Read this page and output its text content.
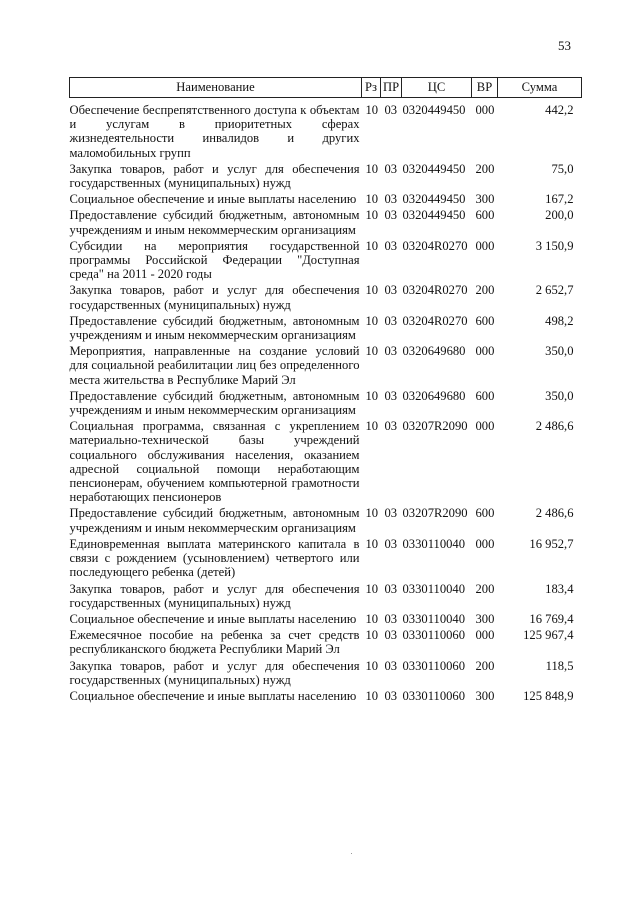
53
Наименование	Рз	ПР	ЦС	ВР	Сумма
Обеспечение беспрепятственного доступа к объектам и услугам в приоритетных сферах жизнедеятельности инвалидов и других маломобильных групп	10	03	0320449450	000	442,2
Закупка товаров, работ и услуг для обеспечения государственных (муниципальных) нужд	10	03	0320449450	200	75,0
Социальное обеспечение и иные выплаты населению	10	03	0320449450	300	167,2
Предоставление субсидий бюджетным, автономным учреждениям и иным некоммерческим организациям	10	03	0320449450	600	200,0
Субсидии на мероприятия государственной программы Российской Федерации "Доступная среда" на 2011 - 2020 годы	10	03	03204R0270	000	3 150,9
Закупка товаров, работ и услуг для обеспечения государственных (муниципальных) нужд	10	03	03204R0270	200	2 652,7
Предоставление субсидий бюджетным, автономным учреждениям и иным некоммерческим организациям	10	03	03204R0270	600	498,2
Мероприятия, направленные на создание условий для социальной реабилитации лиц без определенного места жительства в Республике Марий Эл	10	03	0320649680	000	350,0
Предоставление субсидий бюджетным, автономным учреждениям и иным некоммерческим организациям	10	03	0320649680	600	350,0
Социальная программа, связанная с укреплением материально-технической базы учреждений социального обслуживания населения, оказанием адресной социальной помощи неработающим пенсионерам, обучением компьютерной грамотности неработающих пенсионеров	10	03	03207R2090	000	2 486,6
Предоставление субсидий бюджетным, автономным учреждениям и иным некоммерческим организациям	10	03	03207R2090	600	2 486,6
Единовременная выплата материнского капитала в связи с рождением (усыновлением) четвертого или последующего ребенка (детей)	10	03	0330110040	000	16 952,7
Закупка товаров, работ и услуг для обеспечения государственных (муниципальных) нужд	10	03	0330110040	200	183,4
Социальное обеспечение и иные выплаты населению	10	03	0330110040	300	16 769,4
Ежемесячное пособие на ребенка за счет средств республиканского бюджета Республики Марий Эл	10	03	0330110060	000	125 967,4
Закупка товаров, работ и услуг для обеспечения государственных (муниципальных) нужд	10	03	0330110060	200	118,5
Социальное обеспечение и иные выплаты населению	10	03	0330110060	300	125 848,9
